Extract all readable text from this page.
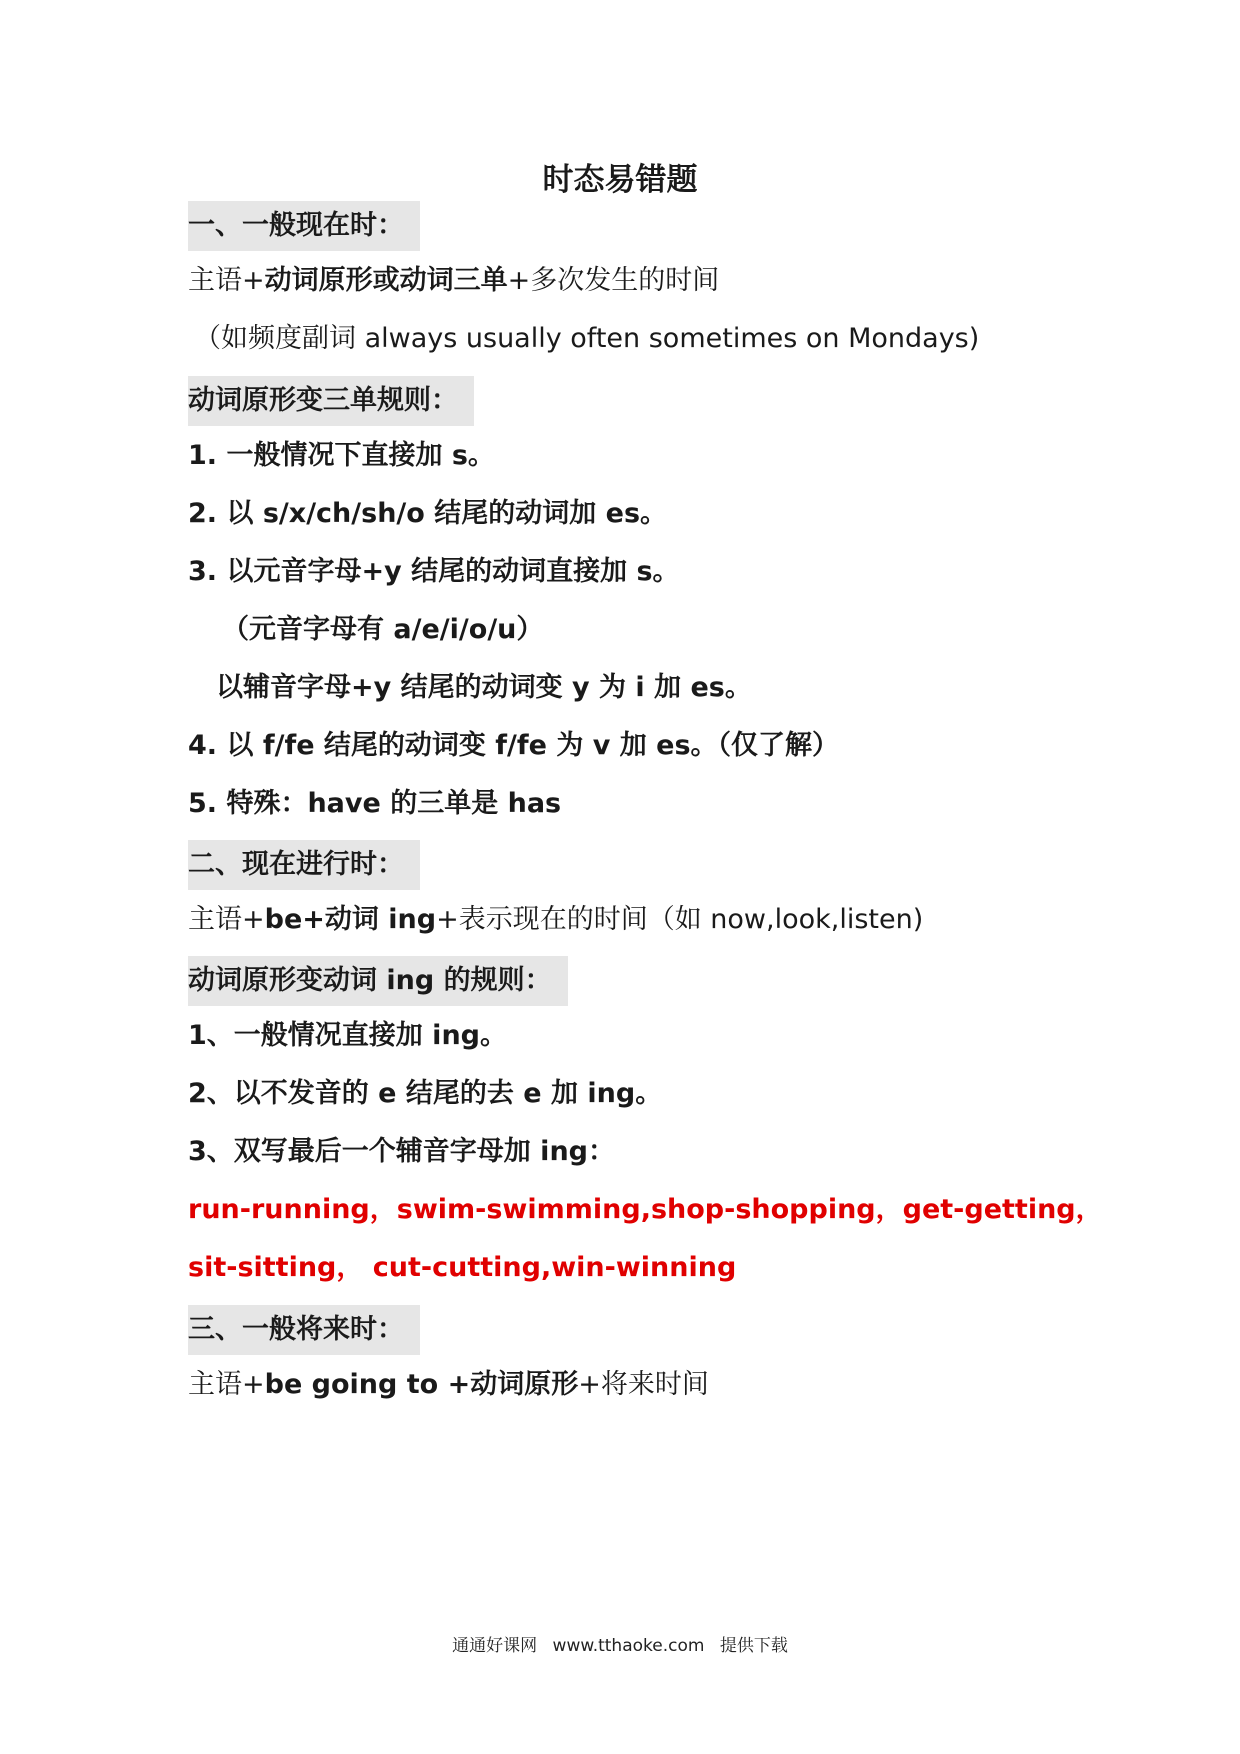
时态易错题
一、一般现在时：
主语+动词原形或动词三单+多次发生的时间
（如频度副词 always usually often sometimes on Mondays)
动词原形变三单规则：
1. 一般情况下直接加 s。
2. 以 s/x/ch/sh/o 结尾的动词加 es。
3. 以元音字母+y 结尾的动词直接加 s。
（元音字母有 a/e/i/o/u）
以辅音字母+y 结尾的动词变 y 为 i 加 es。
4. 以 f/fe 结尾的动词变 f/fe 为 v 加 es。（仅了解）
5. 特殊：have 的三单是 has
二、现在进行时：
主语+be+动词 ing+表示现在的时间（如 now,look,listen)
动词原形变动词 ing 的规则：
1、一般情况直接加 ing。
2、以不发音的 e 结尾的去 e 加 ing。
3、双写最后一个辅音字母加 ing：
run-running，swim-swimming,shop-shopping，get-getting，
sit-sitting， cut-cutting,win-winning
三、一般将来时：
主语+be going to +动词原形+将来时间
通通好课网 www.tthaoke.com 提供下载
